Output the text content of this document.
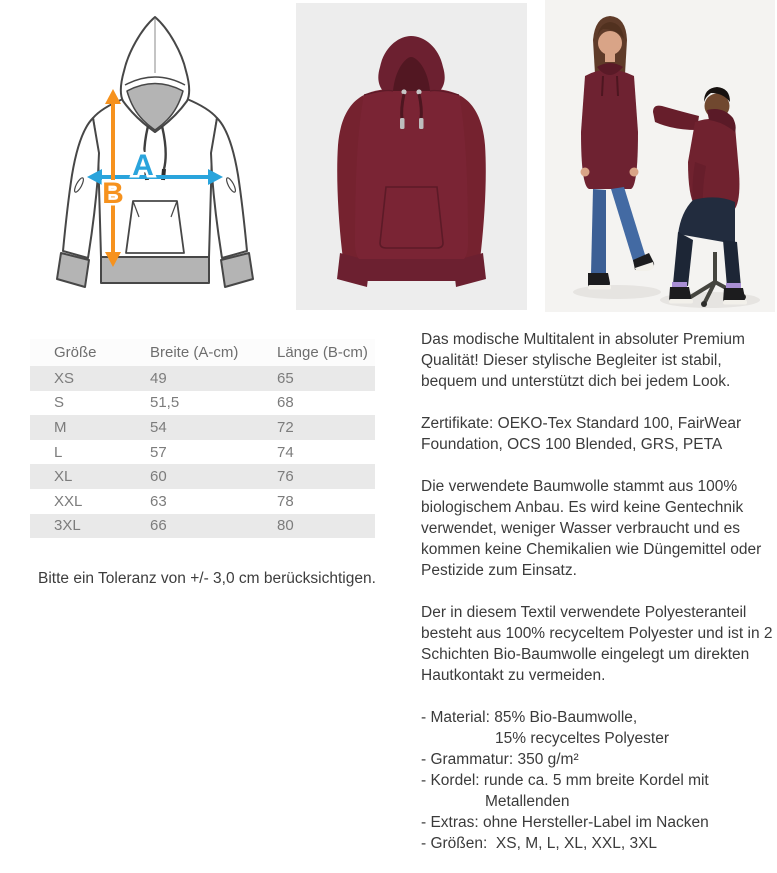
A
B
Größe	Breite (A-cm)	Länge (B-cm)
XS	49	65
S	51,5	68
M	54	72
L	57	74
XL	60	76
XXL	63	78
3XL	66	80
Bitte ein Toleranz von +/- 3,0 cm berücksichtigen.

Das modische Multitalent in absoluter Premium Qualität! Dieser stylische Begleiter ist stabil, bequem und unterstützt dich bei jedem Look.

Zertifikate: OEKO-Tex Standard 100, FairWear Foundation, OCS 100 Blended, GRS, PETA

Die verwendete Baumwolle stammt aus 100% biologischem Anbau. Es wird keine Gentechnik verwendet, weniger Wasser verbraucht und es kommen keine Chemikalien wie Düngemittel oder Pestizide zum Einsatz.

Der in diesem Textil verwendete Polyesteranteil besteht aus 100% recyceltem Polyester und ist in 2 Schichten Bio-Baumwolle eingelegt um direkten Hautkontakt zu vermeiden.

- Material: 85% Bio-Baumwolle,
15% recyceltes Polyester
- Grammatur: 350 g/m²
- Kordel: runde ca. 5 mm breite Kordel mit
Metallenden
- Extras: ohne Hersteller-Label im Nacken
- Größen:  XS, M, L, XL, XXL, 3XL
